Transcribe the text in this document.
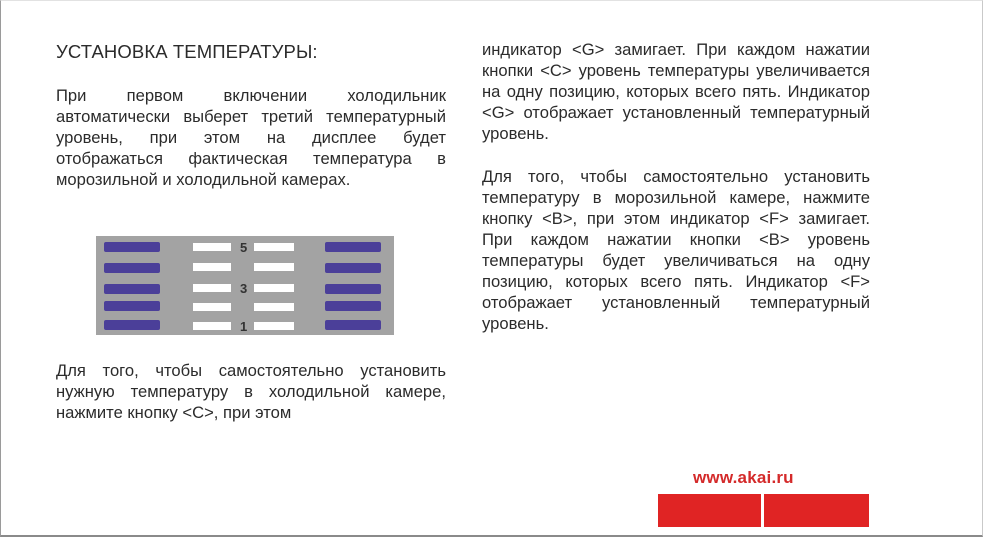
УСТАНОВКА ТЕМПЕРАТУРЫ:

При первом включении холодильник автоматически выберет третий температурный уровень, при этом на дисплее будет отображаться фактическая температура в морозильной и холодильной камерах.

5
3
1

Для того, чтобы самостоятельно установить нужную температуру в холодильной камере, нажмите кнопку <C>, при этом

индикатор <G> замигает. При каждом нажатии кнопки <C> уровень температуры увеличивается на одну позицию, которых всего пять. Индикатор <G> отображает установленный температурный уровень.

Для того, чтобы самостоятельно установить температуру в морозильной камере, нажмите кнопку <B>, при этом индикатор <F> замигает. При каждом нажатии кнопки <B> уровень температуры будет увеличиваться на одну позицию, которых всего пять. Индикатор <F> отображает установленный температурный уровень.

www.akai.ru
